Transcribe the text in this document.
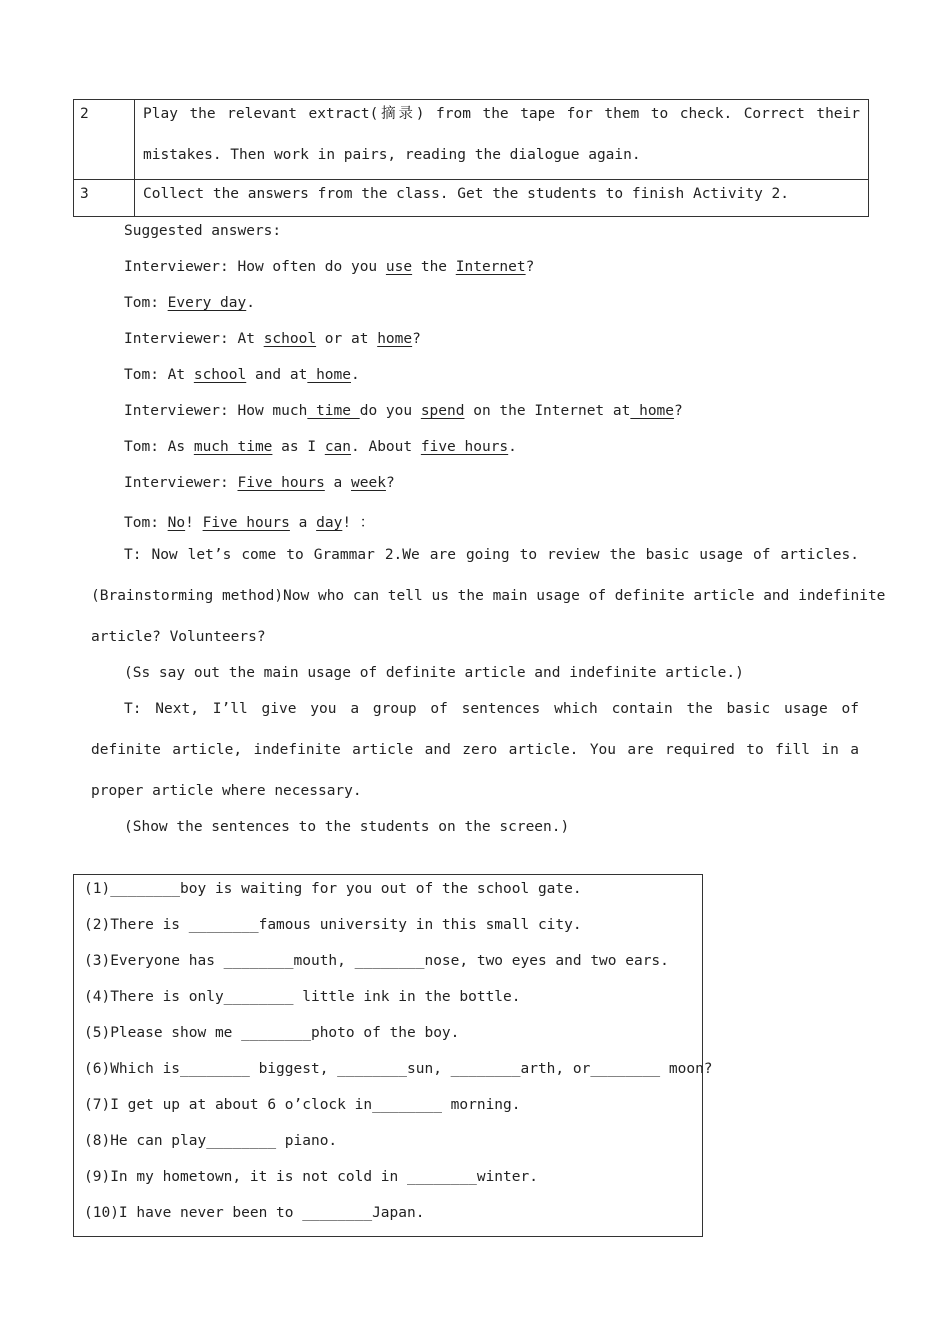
2	Play the relevant extract(摘录) from the tape for them to check. Correct their
mistakes. Then work in pairs, reading the dialogue again.

3	Collect the answers from the class. Get the students to finish Activity 2.
Suggested answers:
Interviewer: How often do you use the Internet?
Tom: Every day.
Interviewer: At school or at home?
Tom: At school and at home.
Interviewer: How much time do you spend on the Internet at home?
Tom: As much time as I can. About five hours.
Interviewer: Five hours a week?
Tom: No! Five hours a day! ：
T: Now let’s come to Grammar 2.We are going to review the basic usage of articles.
(Brainstorming method)Now who can tell us the main usage of definite article and indefinite
article? Volunteers?
(Ss say out the main usage of definite article and indefinite article.)
T: Next, I’ll give you a group of sentences which contain the basic usage of
definite article, indefinite article and zero article. You are required to fill in a
proper article where necessary.
(Show the sentences to the students on the screen.)
(1)________boy is waiting for you out of the school gate.
(2)There is ________famous university in this small city.
(3)Everyone has ________mouth, ________nose, two eyes and two ears.
(4)There is only________ little ink in the bottle.
(5)Please show me ________photo of the boy.
(6)Which is________ biggest, ________sun, ________arth, or________ moon?
(7)I get up at about 6 o’clock in________ morning.
(8)He can play________ piano.
(9)In my hometown, it is not cold in ________winter.
(10)I have never been to ________Japan.
